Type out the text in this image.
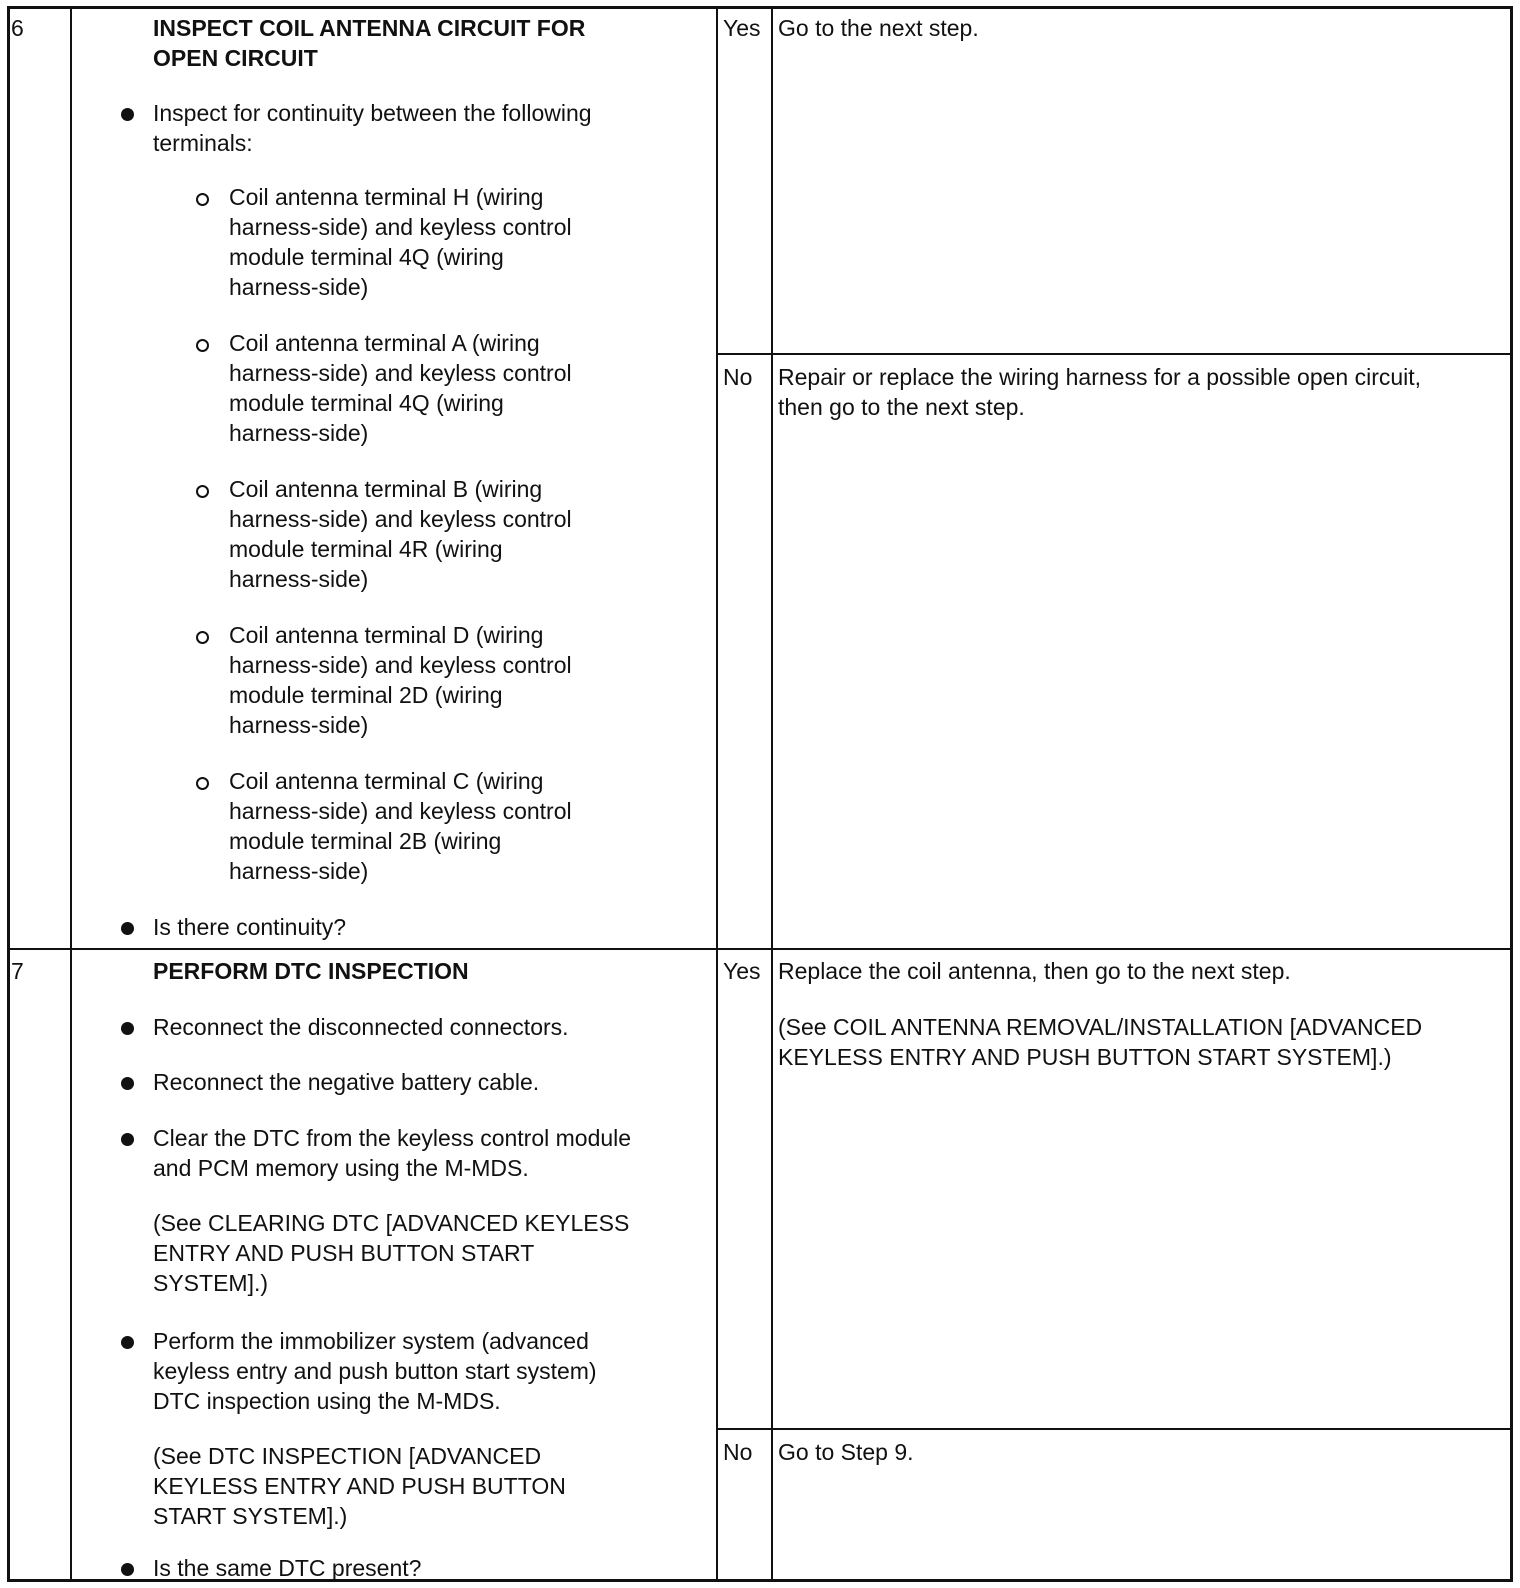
6	INSPECT COIL ANTENNA CIRCUIT FOR
OPEN CIRCUIT
Inspect for continuity between the following
terminals:
Coil antenna terminal H (wiring
harness-side) and keyless control
module terminal 4Q (wiring
harness-side)
Coil antenna terminal A (wiring
harness-side) and keyless control
module terminal 4Q (wiring
harness-side)
Coil antenna terminal B (wiring
harness-side) and keyless control
module terminal 4R (wiring
harness-side)
Coil antenna terminal D (wiring
harness-side) and keyless control
module terminal 2D (wiring
harness-side)
Coil antenna terminal C (wiring
harness-side) and keyless control
module terminal 2B (wiring
harness-side)
Is there continuity?
Yes Go to the next step.
No Repair or replace the wiring harness for a possible open circuit,
then go to the next step.
7	PERFORM DTC INSPECTION
Reconnect the disconnected connectors.
Reconnect the negative battery cable.
Clear the DTC from the keyless control module
and PCM memory using the M-MDS.
(See CLEARING DTC [ADVANCED KEYLESS
ENTRY AND PUSH BUTTON START
SYSTEM].)
Perform the immobilizer system (advanced
keyless entry and push button start system)
DTC inspection using the M-MDS.
(See DTC INSPECTION [ADVANCED
KEYLESS ENTRY AND PUSH BUTTON
START SYSTEM].)
Is the same DTC present?
Yes Replace the coil antenna, then go to the next step.
(See COIL ANTENNA REMOVAL/INSTALLATION [ADVANCED
KEYLESS ENTRY AND PUSH BUTTON START SYSTEM].)
No Go to Step 9.
